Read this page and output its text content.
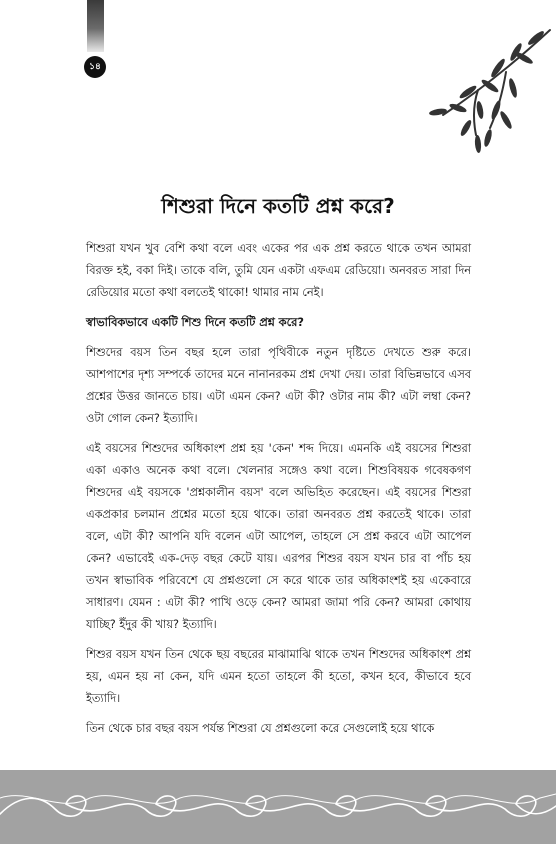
১৪
শিশুরা দিনে কতটি প্রশ্ন করে?

শিশুরা যখন খুব বেশি কথা বলে এবং একের পর এক প্রশ্ন করতে থাকে তখন আমরা বিরক্ত হই, বকা দিই। তাকে বলি, তুমি যেন একটা এফএম রেডিয়ো। অনবরত সারা দিন রেডিয়োর মতো কথা বলতেই থাকো! থামার নাম নেই।

স্বাভাবিকভাবে একটি শিশু দিনে কতটি প্রশ্ন করে?

শিশুদের বয়স তিন বছর হলে তারা পৃথিবীকে নতুন দৃষ্টিতে দেখতে শুরু করে। আশপাশের দৃশ্য সম্পর্কে তাদের মনে নানানরকম প্রশ্ন দেখা দেয়। তারা বিভিন্নভাবে এসব প্রশ্নের উত্তর জানতে চায়। এটা এমন কেন? এটা কী? ওটার নাম কী? এটা লম্বা কেন? ওটা গোল কেন? ইত্যাদি।

এই বয়সের শিশুদের অধিকাংশ প্রশ্ন হয় 'কেন' শব্দ দিয়ে। এমনকি এই বয়সের শিশুরা একা একাও অনেক কথা বলে। খেলনার সঙ্গেও কথা বলে। শিশুবিষয়ক গবেষকগণ শিশুদের এই বয়সকে 'প্রশ্নকালীন বয়স' বলে অভিহিত করেছেন। এই বয়সের শিশুরা একপ্রকার চলমান প্রশ্নের মতো হয়ে থাকে। তারা অনবরত প্রশ্ন করতেই থাকে। তারা বলে, এটা কী? আপনি যদি বলেন এটা আপেল, তাহলে সে প্রশ্ন করবে এটা আপেল কেন? এভাবেই এক-দেড় বছর কেটে যায়। এরপর শিশুর বয়স যখন চার বা পাঁচ হয় তখন স্বাভাবিক পরিবেশে যে প্রশ্নগুলো সে করে থাকে তার অধিকাংশই হয় একেবারে সাধারণ। যেমন : এটা কী? পাখি ওড়ে কেন? আমরা জামা পরি কেন? আমরা কোথায় যাচ্ছি? ইঁদুর কী খায়? ইত্যাদি।

শিশুর বয়স যখন তিন থেকে ছয় বছরের মাঝামাঝি থাকে তখন শিশুদের অধিকাংশ প্রশ্ন হয়, এমন হয় না কেন, যদি এমন হতো তাহলে কী হতো, কখন হবে, কীভাবে হবে ইত্যাদি।

তিন থেকে চার বছর বয়স পর্যন্ত শিশুরা যে প্রশ্নগুলো করে সেগুলোই হয়ে থাকে
